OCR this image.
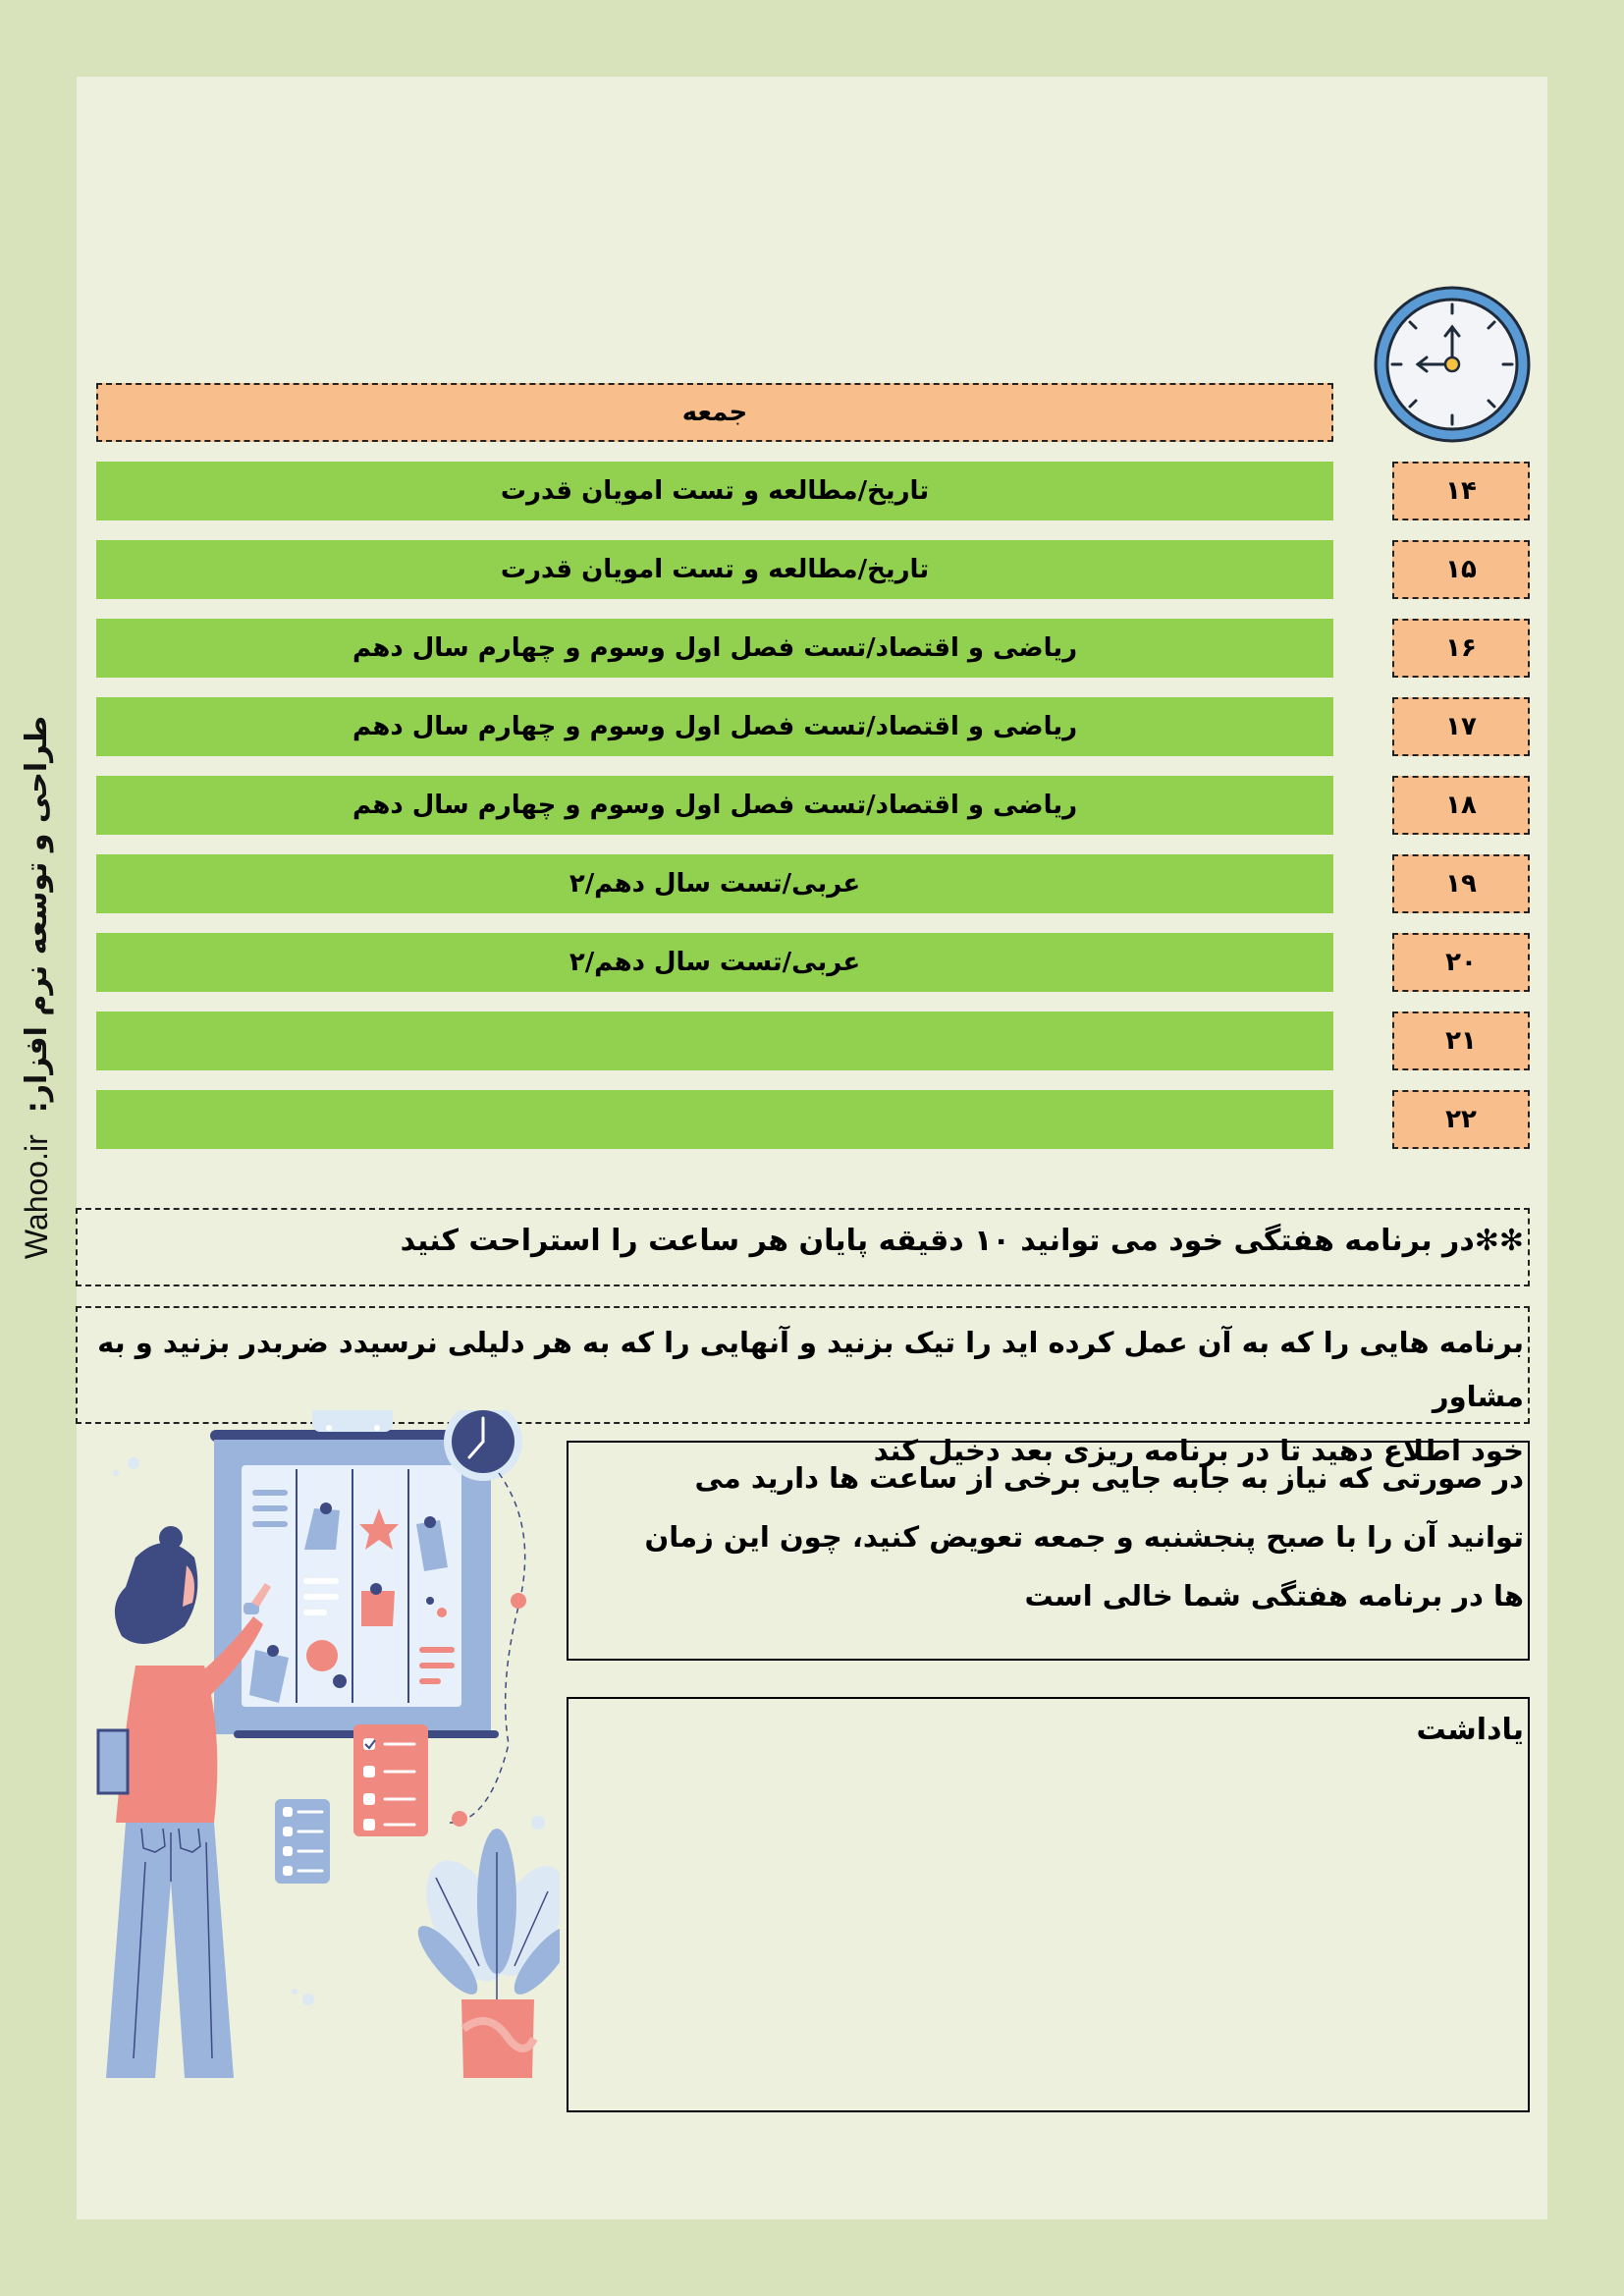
Wahoo.ir
طراحی و توسعه نرم افزار:
جمعه
تاریخ/مطالعه و تست امویان قدرت	۱۴
تاریخ/مطالعه و تست امویان قدرت	۱۵
ریاضی و اقتصاد/تست فصل اول وسوم و چهارم سال دهم	۱۶
ریاضی و اقتصاد/تست فصل اول وسوم و چهارم سال دهم	۱۷
ریاضی و اقتصاد/تست فصل اول وسوم و چهارم سال دهم	۱۸
عربی/تست سال دهم/۲	۱۹
عربی/تست سال دهم/۲	۲۰
۲۱
۲۲
✻✻در برنامه هفتگی خود می توانید ۱۰ دقیقه پایان هر ساعت را استراحت کنید
برنامه هایی را که به آن عمل کرده اید را تیک بزنید و آنهایی را که به هر دلیلی نرسیدد ضربدر بزنید و به مشاور
خود اطلاع دهید تا در برنامه ریزی بعد دخیل کند
در صورتی که نیاز به جابه جایی برخی از ساعت ها دارید می توانید آن را با صبح پنجشنبه و جمعه تعویض کنید، چون این زمان ها در برنامه هفتگی شما خالی است
یاداشت
